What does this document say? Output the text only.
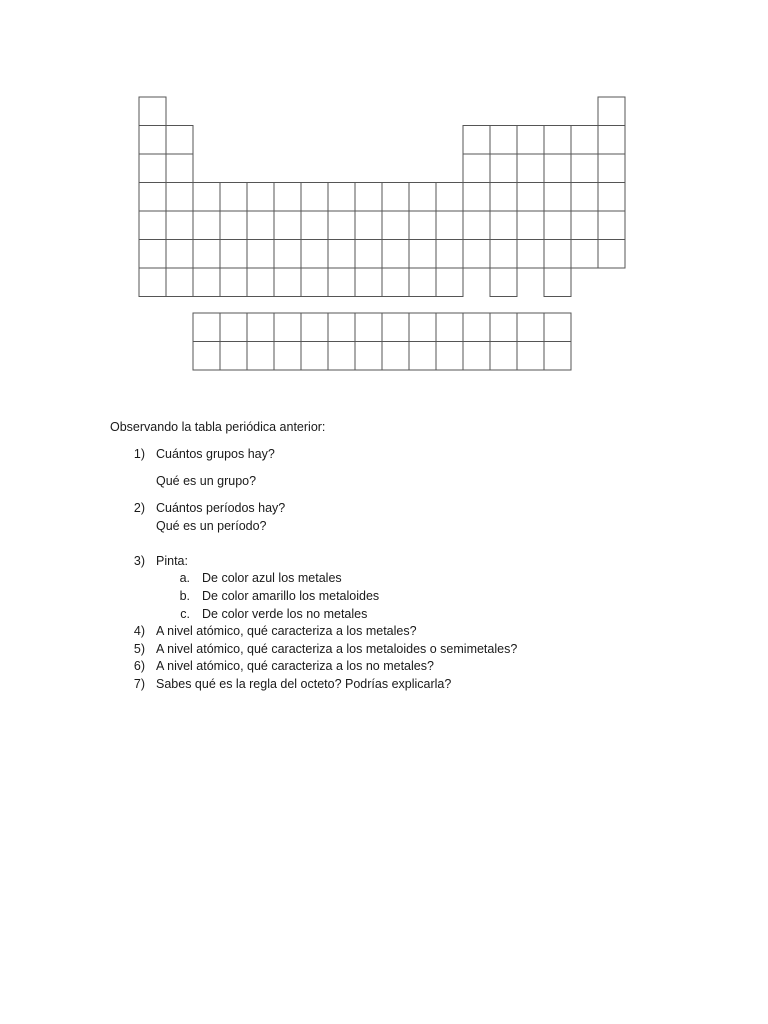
Observando la tabla periódica anterior:
1) Cuántos grupos hay?
Qué es un grupo?
2) Cuántos períodos hay?
Qué es un período?
3) Pinta:
a. De color azul los metales
b. De color amarillo los metaloides
c. De color verde los no metales
4) A nivel atómico, qué caracteriza a los metales?
5) A nivel atómico, qué caracteriza a los metaloides o semimetales?
6) A nivel atómico, qué caracteriza a los no metales?
7) Sabes qué es la regla del octeto? Podrías explicarla?
